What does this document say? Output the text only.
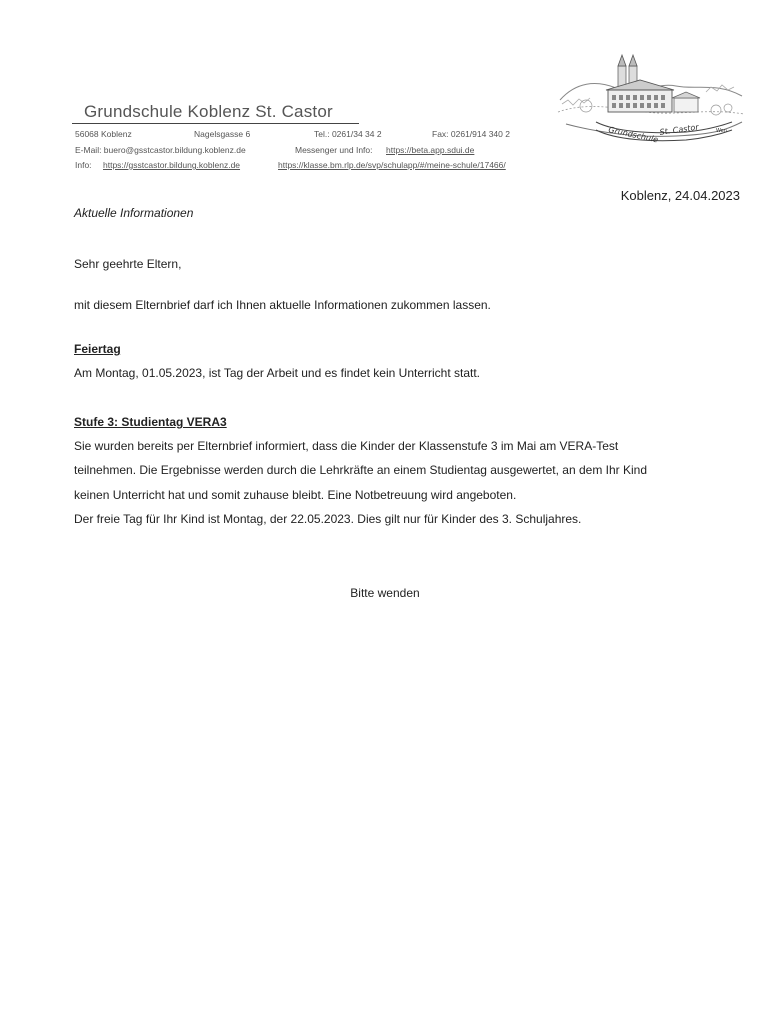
Grundschule Koblenz St. Castor
56068 Koblenz	Nagelsgasse 6	Tel.: 0261/34 34 2	Fax: 0261/914 340 2
E-Mail: buero@gsstcastor.bildung.koblenz.de	Messenger und Info: https://beta.app.sdui.de
Info: https://gsstcastor.bildung.koblenz.de	https://klasse.bm.rlp.de/svp/schulapp/#/meine-schule/17466/
Grundschule St. Castor	Wen
Koblenz, 24.04.2023
Aktuelle Informationen
Sehr geehrte Eltern,
mit diesem Elternbrief darf ich Ihnen aktuelle Informationen zukommen lassen.
Feiertag
Am Montag, 01.05.2023, ist Tag der Arbeit und es findet kein Unterricht statt.
Stufe 3: Studientag VERA3
Sie wurden bereits per Elternbrief informiert, dass die Kinder der Klassenstufe 3 im Mai am VERA-Test
teilnehmen. Die Ergebnisse werden durch die Lehrkräfte an einem Studientag ausgewertet, an dem Ihr Kind
keinen Unterricht hat und somit zuhause bleibt. Eine Notbetreuung wird angeboten.
Der freie Tag für Ihr Kind ist Montag, der 22.05.2023. Dies gilt nur für Kinder des 3. Schuljahres.
Bitte wenden
